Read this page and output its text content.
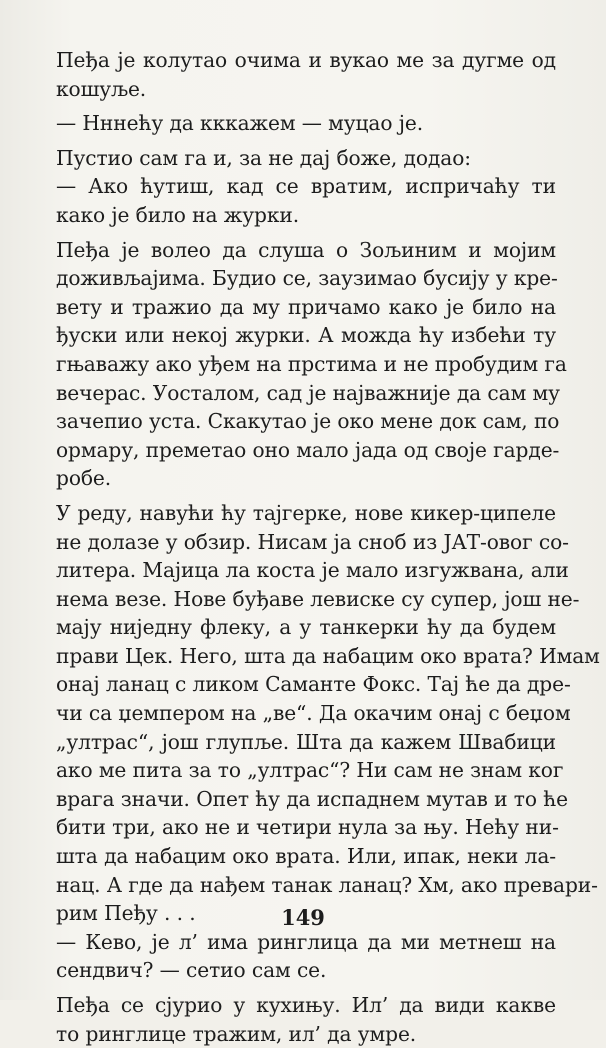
Пеђа је колутао очима и вукао ме за дугме од
кошуље.
— Нннећу да кккажем — муцао је.
Пустио сам га и, за не дај боже, додао:
— Ако ћутиш, кад се вратим, испричаћу ти
како је било на журки.
Пеђа је волео да слуша о Зољиним и мојим
доживљајима. Будио се, заузимао бусију у кре-
вету и тражио да му причамо како је било на
ђуски или некој журки. А можда ћу избећи ту
гњаважу ако уђем на прстима и не пробудим га
вечерас. Уосталом, сад је најважније да сам му
зачепио уста. Скакутао је око мене док сам, по
ормару, преметао оно мало јада од своје гарде-
робе.
У реду, навући ћу тајгерке, нове кикер-ципеле
не долазе у обзир. Нисам ја сноб из ЈАТ-овог со-
литера. Мајица ла коста је мало изгужвана, али
нема везе. Нове буђаве левиске су супер, још не-
мају ниједну флеку, а у танкерки ћу да будем
прави Цек. Него, шта да набацим око врата? Имам
онај ланац с ликом Саманте Фокс. Тај ће да дре-
чи са џемпером на „ве“. Да окачим онај с беџом
„ултрас“, још глупље. Шта да кажем Швабици
ако ме пита за то „ултрас“? Ни сам не знам ког
врага значи. Опет ћу да испаднем мутав и то ће
бити три, ако не и четири нула за њу. Нећу ни-
шта да набацим око врата. Или, ипак, неки ла-
нац. А где да нађем танак ланац? Хм, ако превари-
рим Пеђу . . .
— Кево, је л’ има ринглица да ми метнеш на
сендвич? — сетио сам се.
Пеђа се сјурио у кухињу. Ил’ да види какве
то ринглице тражим, ил’ да умре.
149
